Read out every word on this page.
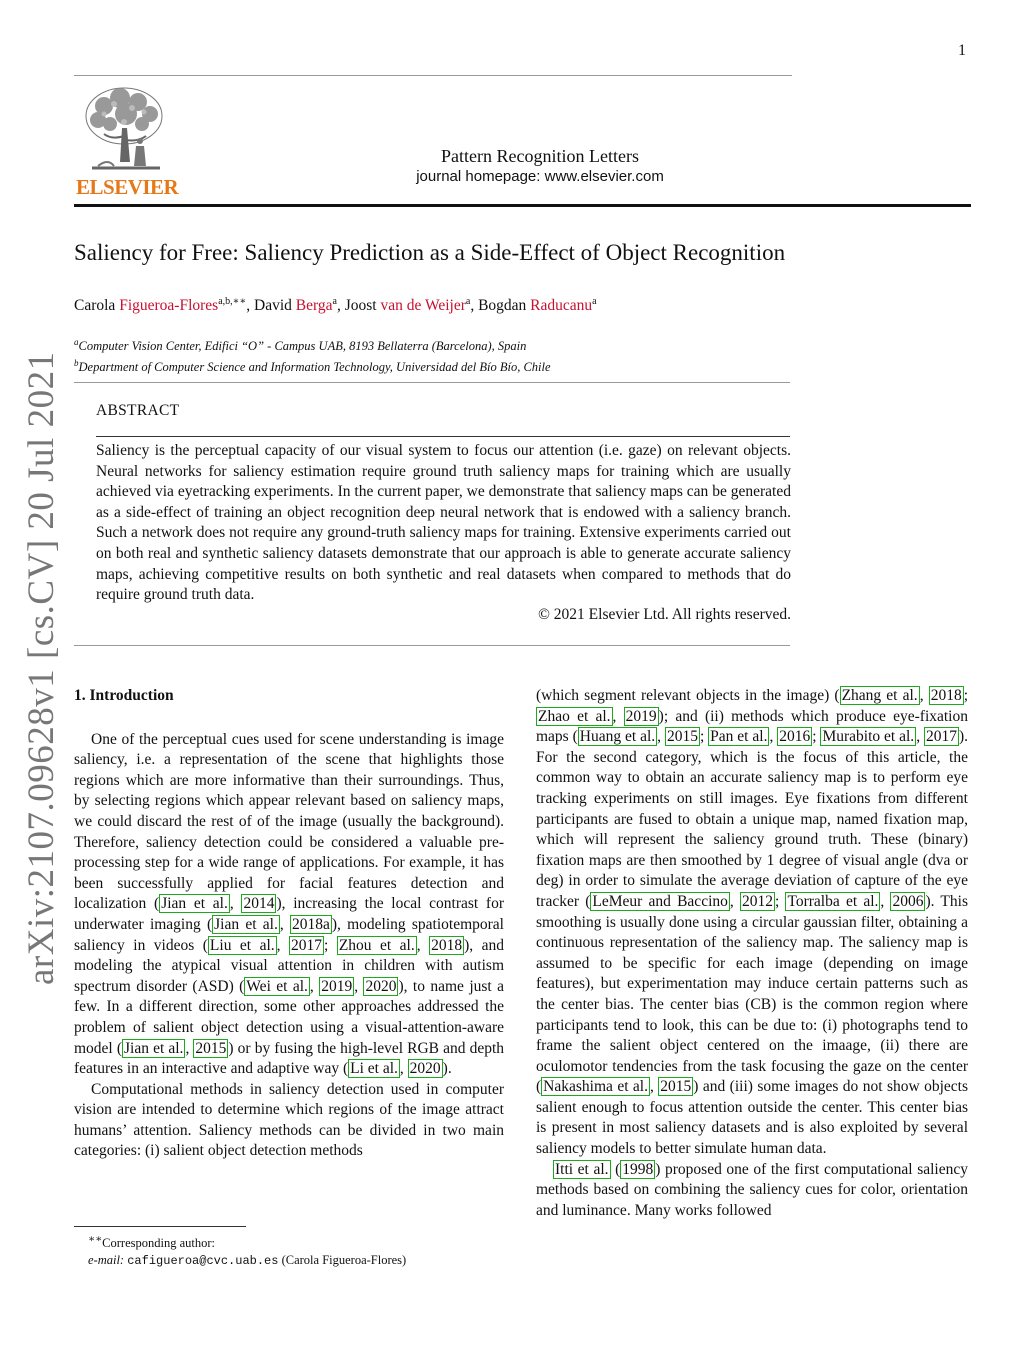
1
ELSEVIER
Pattern Recognition Letters
journal homepage: www.elsevier.com
Saliency for Free: Saliency Prediction as a Side-Effect of Object Recognition
Carola Figueroa-Flores$^{a,b,∗∗}$, David Berga$^a$, Joost van de Weijer$^a$, Bogdan Raducanu$^a$
$^a$Computer Vision Center, Edifici “O” - Campus UAB, 8193 Bellaterra (Barcelona), Spain
$^b$Department of Computer Science and Information Technology, Universidad del Bío Bío, Chile
ABSTRACT
Saliency is the perceptual capacity of our visual system to focus our attention (i.e. gaze) on relevant objects. Neural networks for saliency estimation require ground truth saliency maps for training which are usually achieved via eyetracking experiments. In the current paper, we demonstrate that saliency maps can be generated as a side-effect of training an object recognition deep neural network that is endowed with a saliency branch. Such a network does not require any ground-truth saliency maps for training. Extensive experiments carried out on both real and synthetic saliency datasets demonstrate that our approach is able to generate accurate saliency maps, achieving competitive results on both synthetic and real datasets when compared to methods that do require ground truth data.
© 2021 Elsevier Ltd. All rights reserved.
arXiv:2107.09628v1 [cs.CV] 20 Jul 2021 1. Introduction

One of the perceptual cues used for scene understanding is image saliency, i.e. a representation of the scene that highlights those regions which are more informative than their surroundings. Thus, by selecting regions which appear relevant based on saliency maps, we could discard the rest of of the image (usually the background). Therefore, saliency detection could be considered a valuable pre-processing step for a wide range of applications. For example, it has been successfully applied for facial features detection and localization ( Jian et al. , 2014 ), increasing the local contrast for underwater imaging ( Jian et al. , 2018a ), modeling spatiotemporal saliency in videos ( Liu et al. , 2017 ; Zhou et al. , 2018 ), and modeling the atypical visual attention in children with autism spectrum disorder (ASD) ( Wei et al. , 2019 , 2020 ), to name just a few. In a different direction, some other approaches addressed the problem of salient object detection using a visual-attention-aware model ( Jian et al. , 2015 ) or by fusing the high-level RGB and depth features in an interactive and adaptive way ( Li et al. , 2020 ).

Computational methods in saliency detection used in computer vision are intended to determine which regions of the image attract humans’ attention. Saliency methods can be divided in two main categories: (i) salient object detection methods

(which segment relevant objects in the image) ( Zhang et al. , 2018 ; Zhao et al. , 2019 ); and (ii) methods which produce eye-fixation maps ( Huang et al. , 2015 ; Pan et al. , 2016 ; Murabito et al. , 2017 ). For the second category, which is the focus of this article, the common way to obtain an accurate saliency map is to perform eye tracking experiments on still images. Eye fixations from different participants are fused to obtain a unique map, named fixation map, which will represent the saliency ground truth. These (binary) fixation maps are then smoothed by 1 degree of visual angle (dva or deg) in order to simulate the average deviation of capture of the eye tracker ( LeMeur and Baccino , 2012 ; Torralba et al. , 2006 ). This smoothing is usually done using a circular gaussian filter, obtaining a continuous representation of the saliency map. The saliency map is assumed to be specific for each image (depending on image features), but experimentation may induce certain patterns such as the center bias. The center bias (CB) is the common region where participants tend to look, this can be due to: (i) photographs tend to frame the salient object centered on the imaage, (ii) there are oculomotor tendencies from the task focusing the gaze on the center ( Nakashima et al. , 2015 ) and (iii) some images do not show objects salient enough to focus attention outside the center. This center bias is present in most saliency datasets and is also exploited by several saliency models to better simulate human data.

Itti et al. ( 1998 ) proposed one of the first computational saliency methods based on combining the saliency cues for color, orientation and luminance. Many works followed

∗∗Corresponding author:
e-mail: cafigueroa@cvc.uab.es (Carola Figueroa-Flores)
